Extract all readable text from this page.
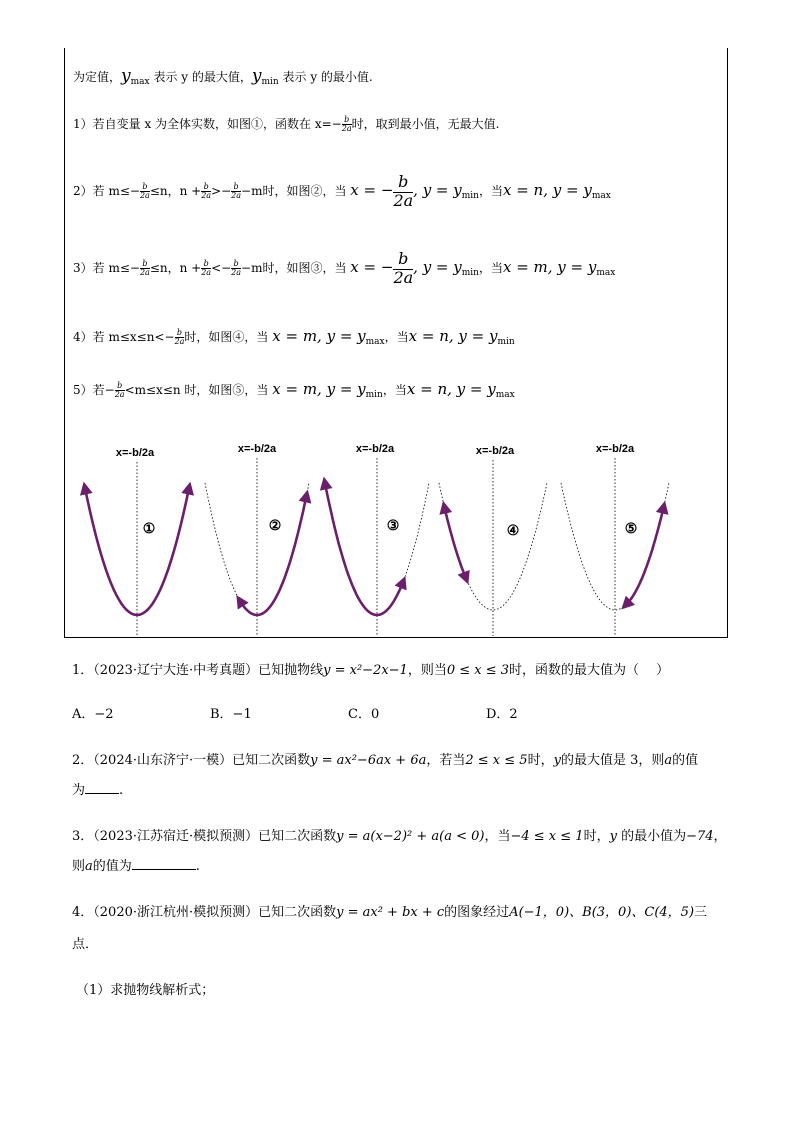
为定值，$y_{max}$ 表示 y 的最大值，$y_{min}$ 表示 y 的最小值.
1）若自变量 x 为全体实数，如图①，函数在 $x=- \frac{b}{2a}$ 时，取到最小值，无最大值.
2）若 $m\le- \frac{b}{2a} \le n$，$n + \frac{b}{2a} >- \frac{b}{2a} -m$时，如图②，当 x = − $\frac{b}{2a}$ , $y = y_{min}$，当x = n, $y = y_{max}$
3）若 $m\le- \frac{b}{2a} \le n$，$n + \frac{b}{2a} <- \frac{b}{2a} -m$时，如图③，当 x = − $\frac{b}{2a}$ , $y = y_{min}$，当x = m, $y = y_{max}$
4）若 $m\le x\le n<- \frac{b}{2a}$ 时，如图④，当 x = m, $y = y_{max}$，当x = n, $y = y_{min}$
5）若− $\frac{b}{2a} <m\le x\le n$ 时，如图⑤，当 x = m, $y = y_{min}$，当x = n, $y = y_{max}$
x=-b/2a
①
x=-b/2a
②
x=-b/2a
③
x=-b/2a
④
x=-b/2a
⑤
1．（2023·辽宁大连·中考真题）已知抛物线y = x²−2x−1，则当0 ≤ x ≤ 3时，函数的最大值为（　 ）
A．−2	B．−1	C．0	D．2
2．（2024·山东济宁·一模）已知二次函数y = ax²−6ax + 6a，若当2 ≤ x ≤ 5时，y的最大值是 3，则a的值
为	.
3．（2023·江苏宿迁·模拟预测）已知二次函数y = a(x−2)² + a(a < 0)，当−4 ≤ x ≤ 1时，y 的最小值为−74，
则a的值为	.
4．（2020·浙江杭州·模拟预测）已知二次函数y = ax² + bx + c的图象经过A(−1，0)、B(3，0)、C(4，5)三
点．
（1）求抛物线解析式；
